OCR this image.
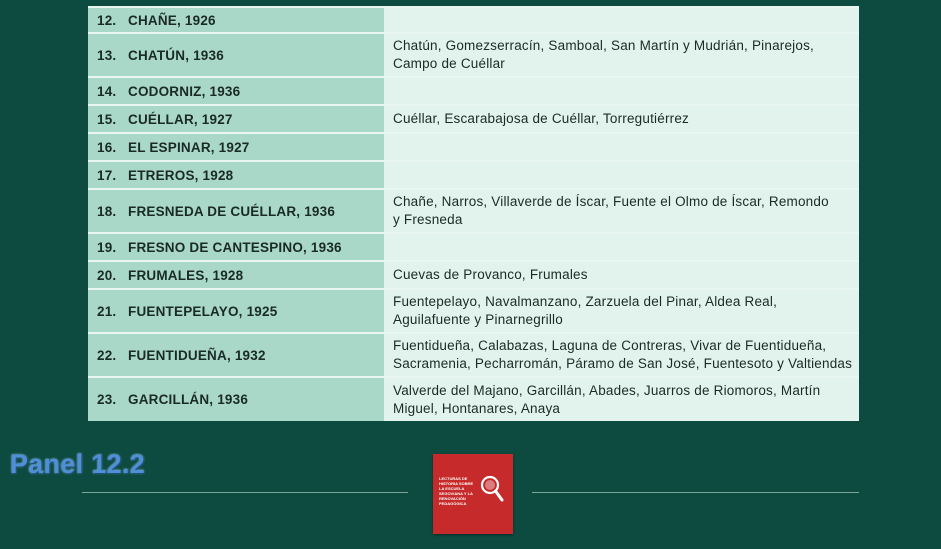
12. CHAÑE, 1926	
13. CHATÚN, 1936	Chatún, Gomezserracín, Samboal, San Martín y Mudrián, Pinarejos,
Campo de Cuéllar

14. CODORNIZ, 1936	
15. CUÉLLAR, 1927	Cuéllar, Escarabajosa de Cuéllar, Torregutiérrez

16. EL ESPINAR, 1927	
17. ETREROS, 1928	
18. FRESNEDA DE CUÉLLAR, 1936	Chañe, Narros, Villaverde de Íscar, Fuente el Olmo de Íscar, Remondo
y Fresneda

19. FRESNO DE CANTESPINO, 1936	
20. FRUMALES, 1928	Cuevas de Provanco, Frumales

21. FUENTEPELAYO, 1925	Fuentepelayo, Navalmanzano, Zarzuela del Pinar, Aldea Real,
Aguilafuente y Pinarnegrillo

22. FUENTIDUEÑA, 1932	Fuentidueña, Calabazas, Laguna de Contreras, Vivar de Fuentidueña,
Sacramenia, Pecharromán, Páramo de San José, Fuentesoto y Valtiendas

23. GARCILLÁN, 1936	Valverde del Majano, Garcillán, Abades, Juarros de Riomoros, Martín
Miguel, Hontanares, Anaya
Panel 12.2	LECTURAS DE HISTORIA SOBRE
LA ESCUELA
SEGOVIANA Y LA
RENOVACIÓN
PEDAGÓGICA
